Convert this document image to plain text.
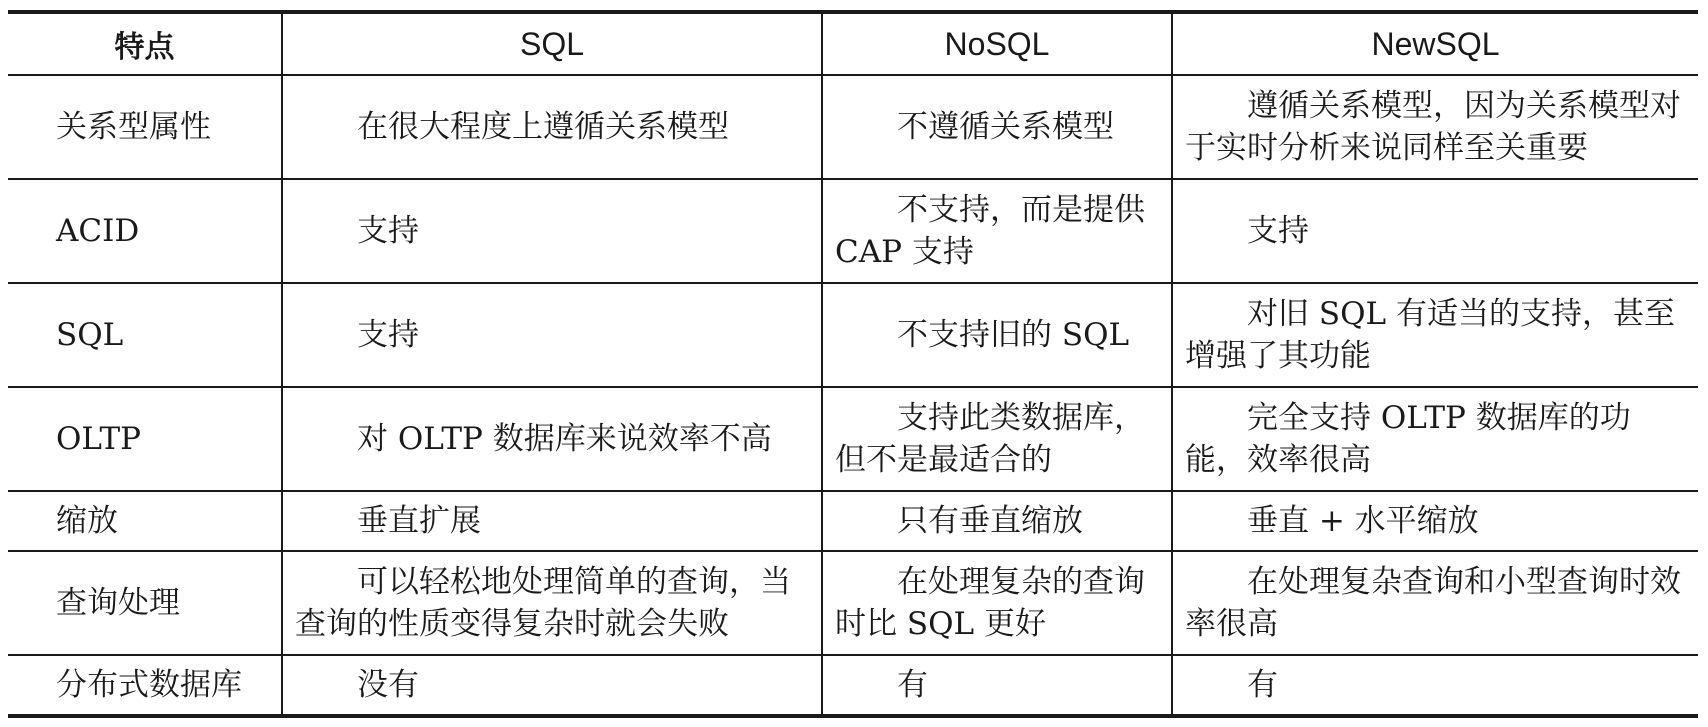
特点	SQL	NoSQL	NewSQL
关系型属性	在很大程度上遵循关系模型	不遵循关系模型	遵循关系模型，因为关系模型对于实时分析来说同样至关重要
ACID	支持	不支持，而是提供 CAP 支持	支持
SQL	支持	不支持旧的 SQL	对旧 SQL 有适当的支持，甚至增强了其功能
OLTP	对 OLTP 数据库来说效率不高	支持此类数据库，但不是最适合的	完全支持 OLTP 数据库的功能，效率很高
缩放	垂直扩展	只有垂直缩放	垂直 + 水平缩放
查询处理	可以轻松地处理简单的查询，当查询的性质变得复杂时就会失败	在处理复杂的查询时比 SQL 更好	在处理复杂查询和小型查询时效率很高
分布式数据库	没有	有	有
